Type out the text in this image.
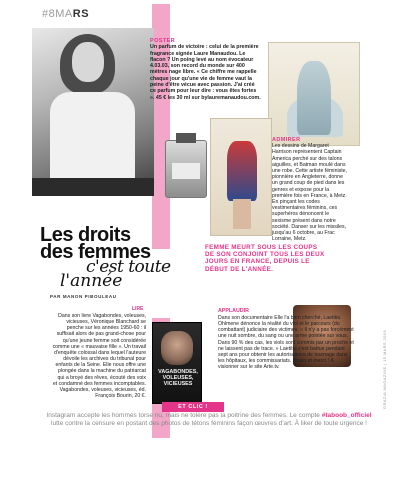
#8MARS
POSTER
Un parfum de victoire : celui de la première fragrance signée Laure Manaudou. Le flacon ? Un poing levé au nom évocateur 4.03.03, son record du monde sur 400 mètres nage libre. « Ce chiffre me rappelle chaque jour qu'une vie de femme vaut la peine d'être vécue avec passion. J'ai créé ce parfum pour leur dire : vous êtes fortes ». 45 € les 30 ml sur bylauremanaudou.com.
ADMIRER
Les dessins de Margaret Harrison représentent Captain America perché sur des talons aiguilles, et Batman moulé dans une robe. Cette artiste féministe, pionnière en Angleterre, donne un grand coup de pied dans les genres et expose pour la première fois en France, à Metz. En pinçant les codes vestimentaires féminins, ces superhéros dénoncent le sexisme présent dans notre société. Danser sur les missiles, jusqu'au 6 octobre, au Frac Lorraine, Metz.
Les droits
des femmes
c'est toute
l'année
PAR MANON PIBOULEAU
FEMME MEURT SOUS LES COUPS DE SON CONJOINT TOUS LES DEUX JOURS EN FRANCE, DEPUIS LE DÉBUT DE L'ANNÉE.
LIRE
Dans son livre Vagabondes, voleuses, vicieuses, Véronique Blanchard se penche sur les années 1950-60 : il suffisait alors de pas grand-chose pour qu'une jeune femme soit considérée comme une « mauvaise fille ». Un travail d'enquête colossal dans lequel l'auteure dévoile les archives du tribunal pour enfants de la Seine. Elle nous offre une plongée dans la machine du patriarcat qui a broyé des rêves, écouté des voix et condamné des femmes incomptables. Vagabondes, voleuses, vicieuses, éd. François Bourin, 20 €.
VAGABONDES, VOLEUSES, VICIEUSES
APPLAUDIR
Dans son documentaire Elle l'a bien cherché, Laetitia Ohlmene dénonce la réalité du viol et le parcours (du combattant) judiciaire des victimes. « Il n'y a pas forcément une nuit sombre, du sang ou une arme pointée sur vous. Dans 90 % des cas, les viols sont commis par un proche et ne laissent pas de trace. » Laetitia s'est battue pendant sept ans pour obtenir les autorisations de tournage dans les hôpitaux, les commissariats. Bravo et merci ! À visionner sur le site Arte.tv.
ET CLIC !
Instagram accepte les hommes torse nu, mais ne tolère pas la poitrine des femmes. Le compte #taboob_officiel lutte contre la censure en postant des photos de tétons féminins façon œuvres d'art. À liker de toute urgence !
GRAZIA MAGAZINE | 15 MARS 2019
